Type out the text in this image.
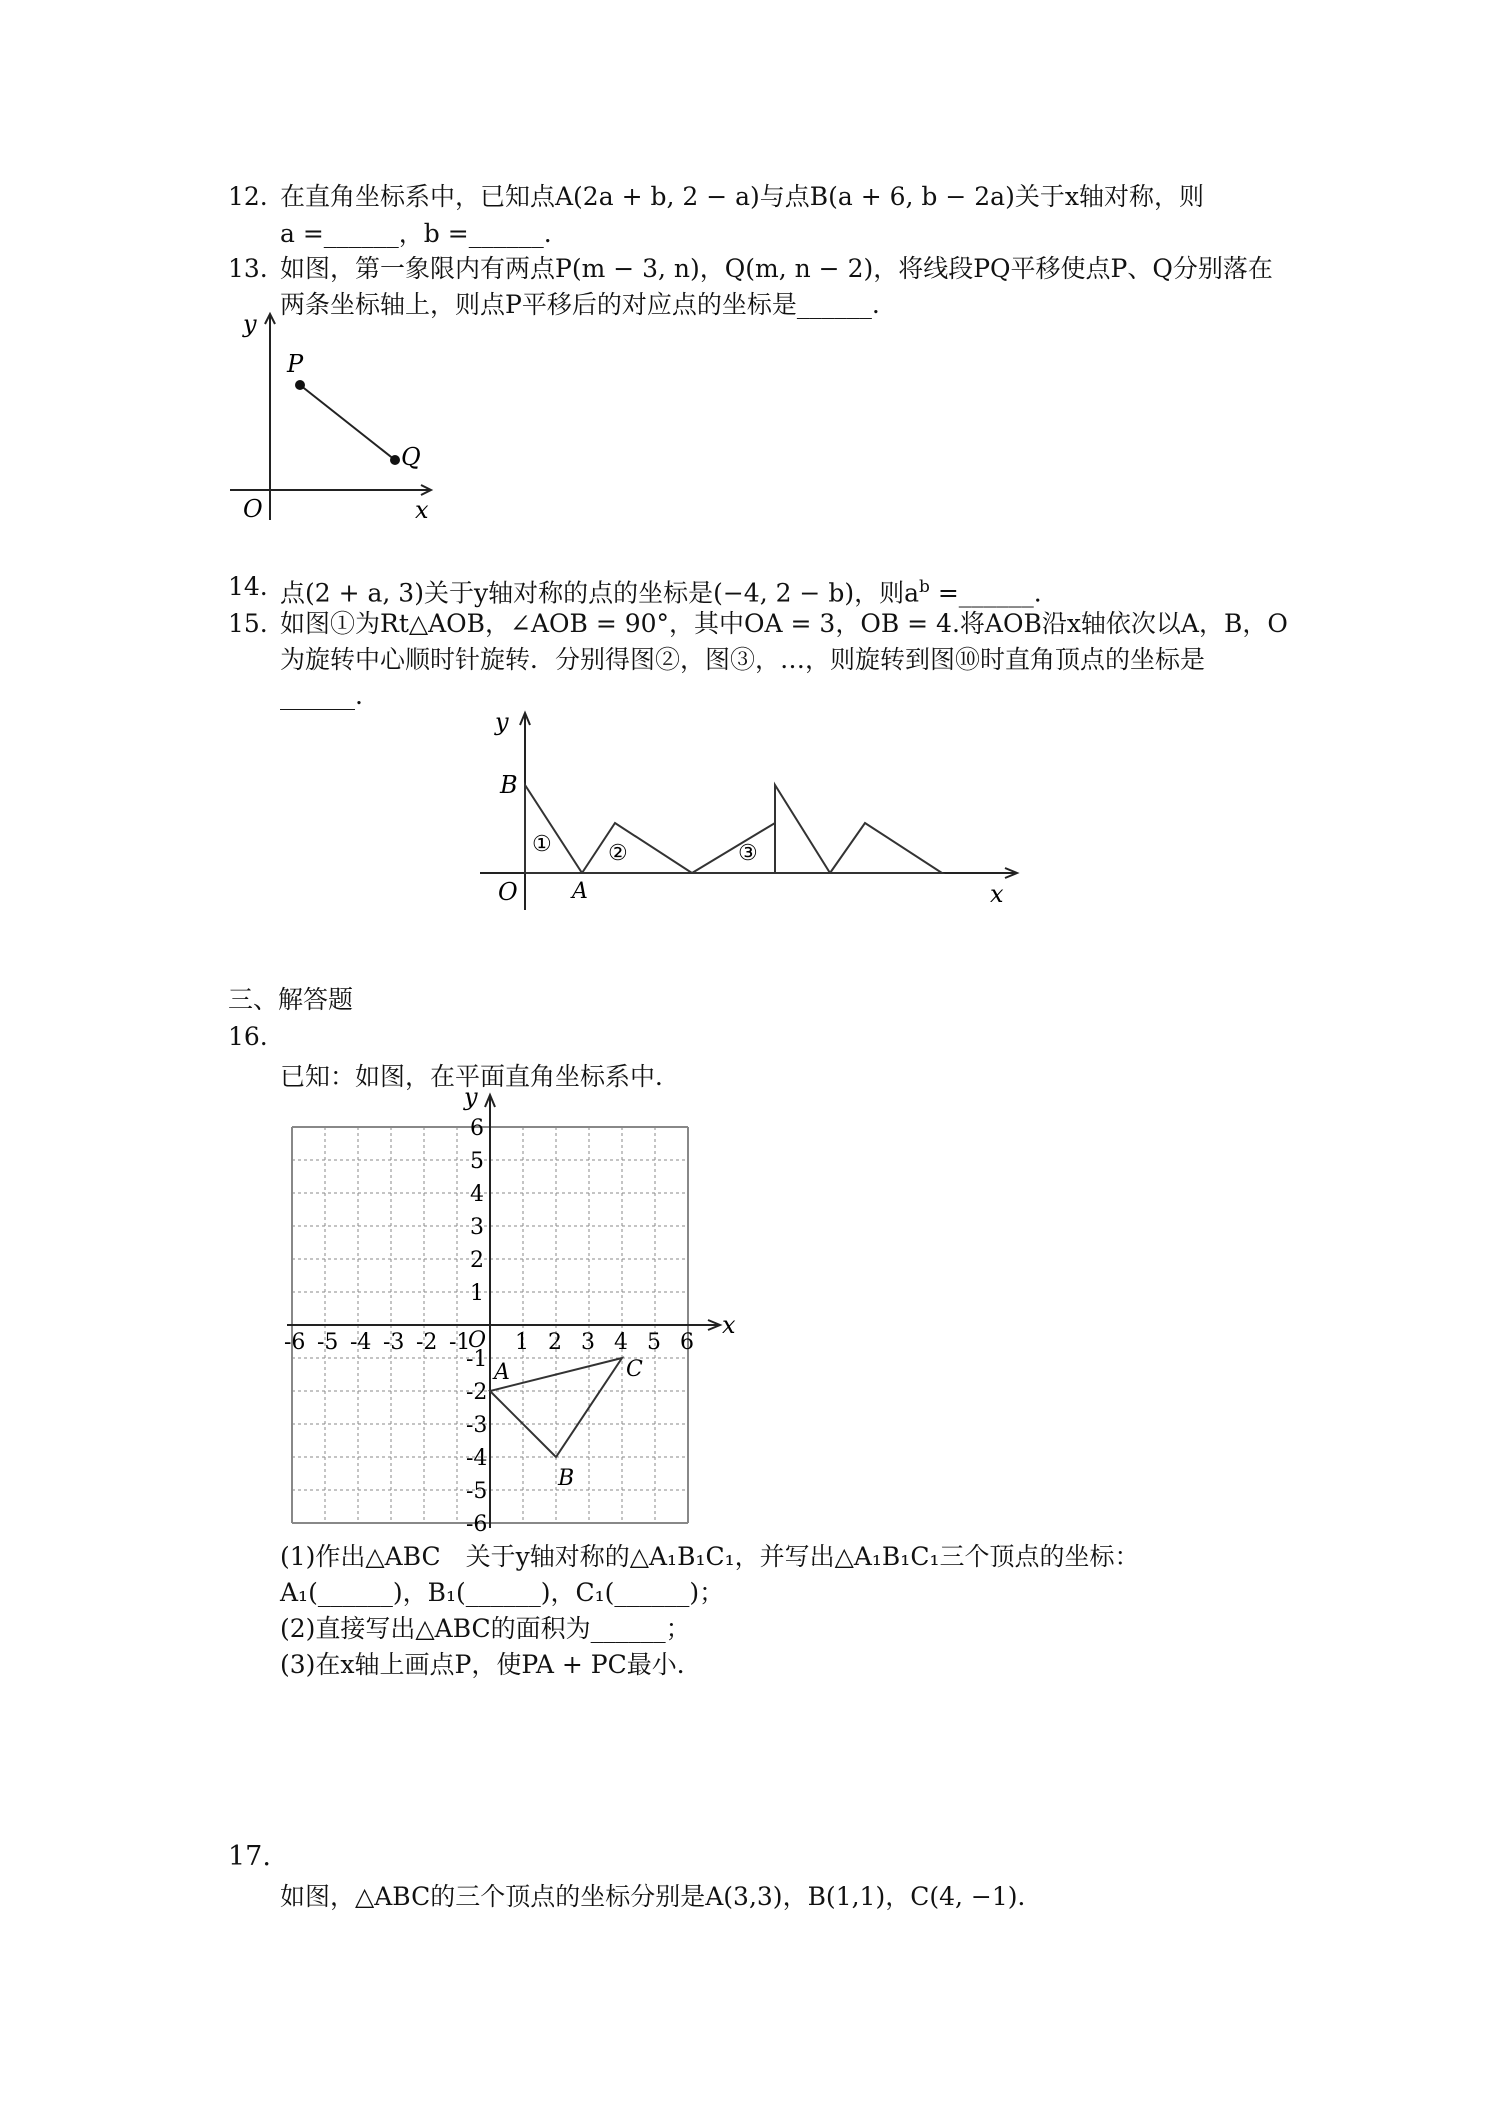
12. 在直角坐标系中，已知点A(2a + b, 2 − a)与点B(a + 6, b − 2a)关于x轴对称，则
a =______，b =______.
13. 如图，第一象限内有两点P(m − 3, n)，Q(m, n − 2)，将线段PQ平移使点P、Q分别落在
两条坐标轴上，则点P平移后的对应点的坐标是______.
y
x
O
P
Q
14. 点(2 + a, 3)关于y轴对称的点的坐标是(−4, 2 − b)，则$a^b$ =______.
15. 如图①为Rt△AOB，∠AOB = 90°，其中OA = 3，OB = 4.将AOB沿x轴依次以A，B，O
为旋转中心顺时针旋转．分别得图②，图③，…，则旋转到图⑩时直角顶点的坐标是
______.
y
x
O
B
A
①	②	③
三、解答题
16.
已知：如图，在平面直角坐标系中．
-6 -5 -4 -3 -2 -1 1 2 3 4 5 6
6
5
4
3
2
1
-1
-2
-3
-4
-5
-6
x
y
O
A
B
C
(1)作出△ABC　关于y轴对称的△A₁B₁C₁，并写出△A₁B₁C₁三个顶点的坐标：
A₁(______)，B₁(______)，C₁(______)；
(2)直接写出△ABC的面积为______；
(3)在x轴上画点P，使PA + PC最小．
17.
如图，△ABC的三个顶点的坐标分别是A(3,3)，B(1,1)，C(4, −1)．
